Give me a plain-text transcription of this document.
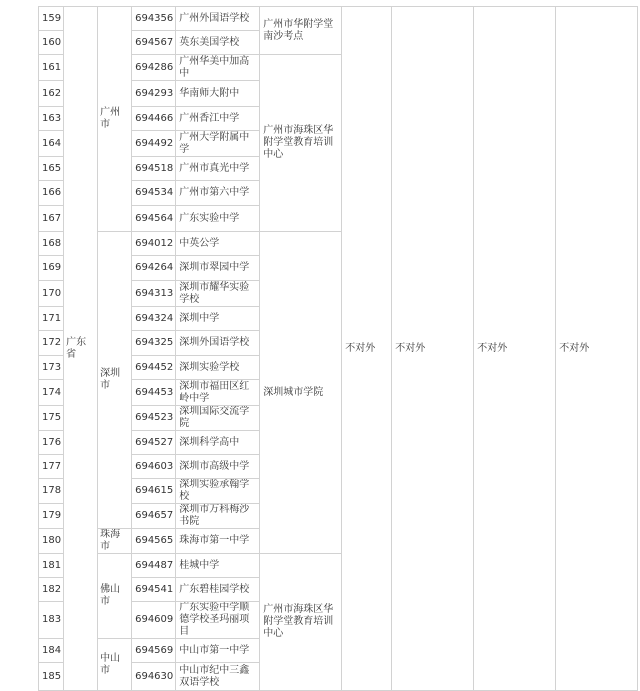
159	广东省	广州市	694356	广州外国语学校	广州市华附学堂南沙考点	不对外	不对外	不对外	不对外
160			694567	英东美国学校					
161			694286	广州华美中加高中	广州市海珠区华附学堂教育培训中心				
162			694293	华南师大附中					
163			694466	广州香江中学					
164			694492	广州大学附属中学					
165			694518	广州市真光中学					
166			694534	广州市第六中学					
167			694564	广东实验中学					
168		深圳市	694012	中英公学	深圳城市学院				
169			694264	深圳市翠园中学					
170			694313	深圳市耀华实验学校					
171			694324	深圳中学					
172			694325	深圳外国语学校					
173			694452	深圳实验学校					
174			694453	深圳市福田区红岭中学					
175			694523	深圳国际交流学院					
176			694527	深圳科学高中					
177			694603	深圳市高级中学					
178			694615	深圳实验承翰学校					
179			694657	深圳市万科梅沙书院					
180		珠海市	694565	珠海市第一中学					
181		佛山市	694487	桂城中学	广州市海珠区华附学堂教育培训中心				
182			694541	广东碧桂园学校					
183			694609	广东实验中学顺德学校圣玛丽项目					
184		中山市	694569	中山市第一中学					
185			694630	中山市纪中三鑫双语学校					
